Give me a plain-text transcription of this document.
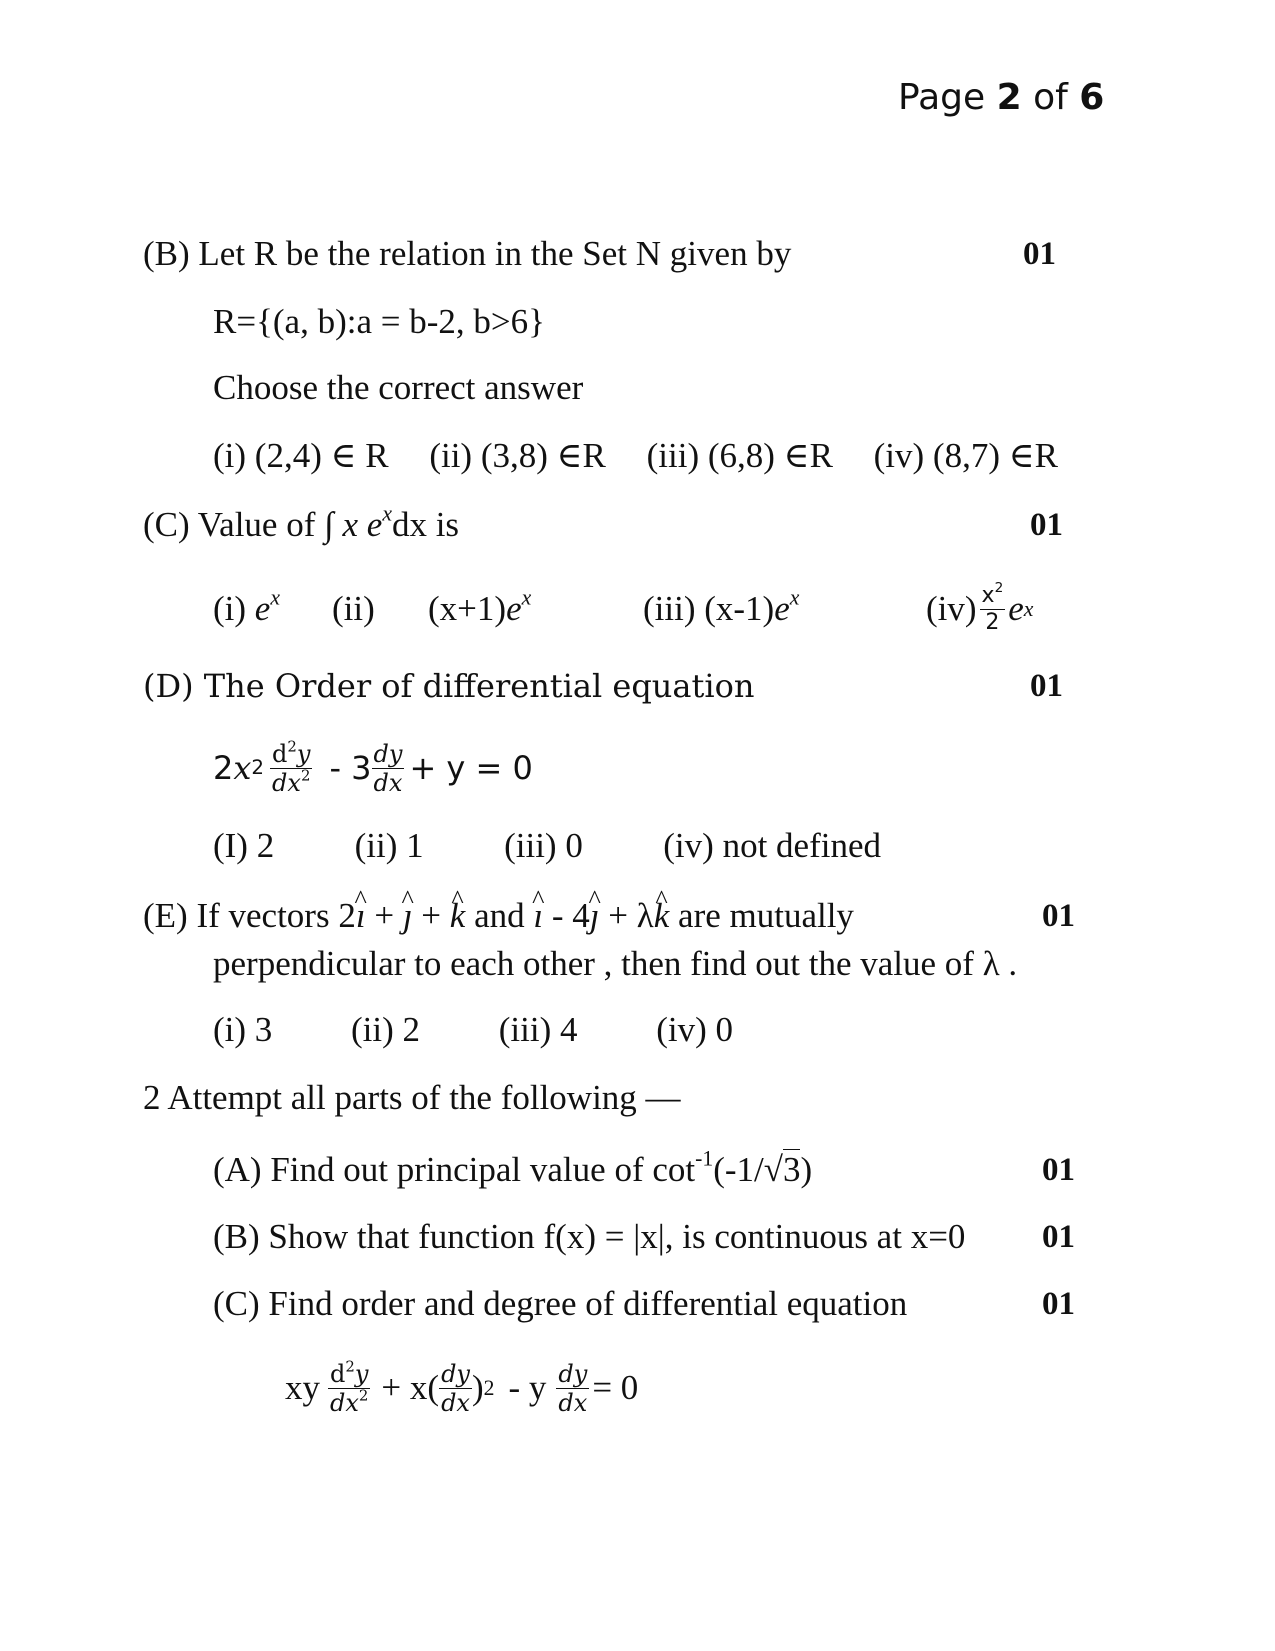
Page 2 of 6
(B) Let R be the relation in the Set N given by	01
R={(a, b):a = b-2, b>6}
Choose the correct answer
(i) (2,4) ∈ R (ii) (3,8) ∈R (iii) (6,8) ∈R (iv) (8,7) ∈R
(C) Value of ∫ x $e^xdx$ is	01
(i) $e^x$ (ii) $(x+1)e^x$	(iii) $(x-1)e^x$	$(iv) \frac{x^2}{2}$ e x
(D) The Order of differential equation	01
2 x $2 \frac{d^2y}{dx^2} - 3 \frac{dy}{dx} + y = 0$
(I) 2 (ii) 1 (iii) 0 (iv) not defined
(E) If vectors 2ı ^ + ȷ ^ + k ^ and ı ^ - 4ȷ ^ + λk ^ are mutually	01
perpendicular to each other , then find out the value of λ .
(i) 3 (ii) 2 (iii) 4 (iv) 0
2 Attempt all parts of the following —
(A) Find out principal value of $\cot^{-1}(-1/√3)$	01
(B) Show that function f(x) = |x|, is continuous at x=0 01
(C) Find order and degree of differential equation	01
xy $\frac{d^2y}{dx^2} + x( \frac{dy}{dx}$ ) 2 - y $\frac{dy}{dx} = 0$
